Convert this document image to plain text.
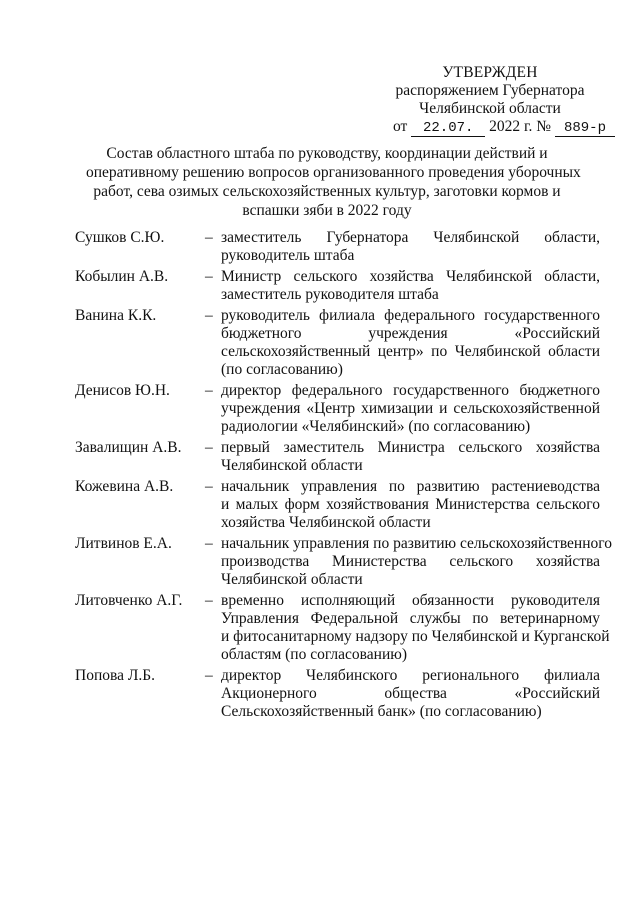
УТВЕРЖДЕН
распоряжением Губернатора
Челябинской области
от 22.07. 2022 г. № 889-р
Состав областного штаба по руководству, координации действий и
оперативному решению вопросов организованного проведения уборочных
работ, сева озимых сельскохозяйственных культур, заготовки кормов и
вспашки зяби в 2022 году
Сушков С.Ю.	– заместитель Губернатора Челябинской области,
руководитель штаба
Кобылин А.В.	– Министр сельского хозяйства Челябинской области,
заместитель руководителя штаба
Ванина К.К.	– руководитель филиала федерального государственного
бюджетного учреждения «Российский
сельскохозяйственный центр» по Челябинской области
(по согласованию)
Денисов Ю.Н.	– директор федерального государственного бюджетного
учреждения «Центр химизации и сельскохозяйственной
радиологии «Челябинский» (по согласованию)
Завалищин А.В.	– первый заместитель Министра сельского хозяйства
Челябинской области
Кожевина А.В.	– начальник управления по развитию растениеводства
и малых форм хозяйствования Министерства сельского
хозяйства Челябинской области
Литвинов Е.А.	– начальник управления по развитию сельскохозяйственного
производства Министерства сельского хозяйства
Челябинской области
Литовченко А.Г.	– временно исполняющий обязанности руководителя
Управления Федеральной службы по ветеринарному
и фитосанитарному надзору по Челябинской и Курганской
областям (по согласованию)
Попова Л.Б.	– директор Челябинского регионального филиала
Акционерного общества «Российский
Сельскохозяйственный банк» (по согласованию)
